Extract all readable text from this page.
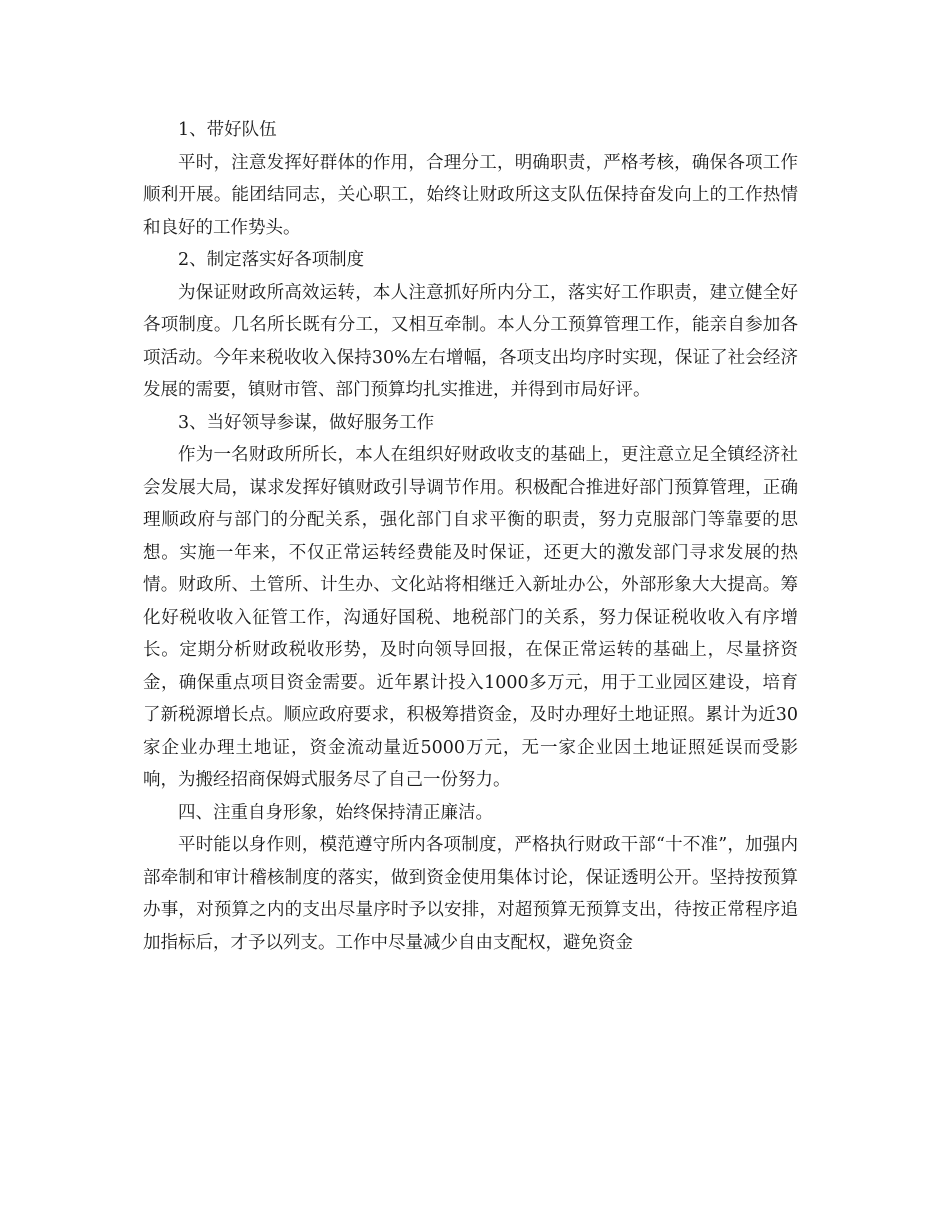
1、带好队伍

平时，注意发挥好群体的作用，合理分工，明确职责，严格考核，确保各项工作顺利开展。能团结同志，关心职工，始终让财政所这支队伍保持奋发向上的工作热情和良好的工作势头。

2、制定落实好各项制度

为保证财政所高效运转，本人注意抓好所内分工，落实好工作职责，建立健全好各项制度。几名所长既有分工，又相互牵制。本人分工预算管理工作，能亲自参加各项活动。今年来税收收入保持30%左右增幅，各项支出均序时实现，保证了社会经济发展的需要，镇财市管、部门预算均扎实推进，并得到市局好评。

3、当好领导参谋，做好服务工作

作为一名财政所所长，本人在组织好财政收支的基础上，更注意立足全镇经济社会发展大局，谋求发挥好镇财政引导调节作用。积极配合推进好部门预算管理，正确理顺政府与部门的分配关系，强化部门自求平衡的职责，努力克服部门等靠要的思想。实施一年来，不仅正常运转经费能及时保证，还更大的激发部门寻求发展的热情。财政所、土管所、计生办、文化站将相继迁入新址办公，外部形象大大提高。筹化好税收收入征管工作，沟通好国税、地税部门的关系，努力保证税收收入有序增长。定期分析财政税收形势，及时向领导回报，在保正常运转的基础上，尽量挤资金，确保重点项目资金需要。近年累计投入1000多万元，用于工业园区建设，培育了新税源增长点。顺应政府要求，积极筹措资金，及时办理好土地证照。累计为近30家企业办理土地证，资金流动量近5000万元，无一家企业因土地证照延误而受影响，为搬经招商保姆式服务尽了自己一份努力。

四、注重自身形象，始终保持清正廉洁。

平时能以身作则，模范遵守所内各项制度，严格执行财政干部“十不准”，加强内部牵制和审计稽核制度的落实，做到资金使用集体讨论，保证透明公开。坚持按预算办事，对预算之内的支出尽量序时予以安排，对超预算无预算支出，待按正常程序追加指标后，才予以列支。工作中尽量减少自由支配权，避免资金
